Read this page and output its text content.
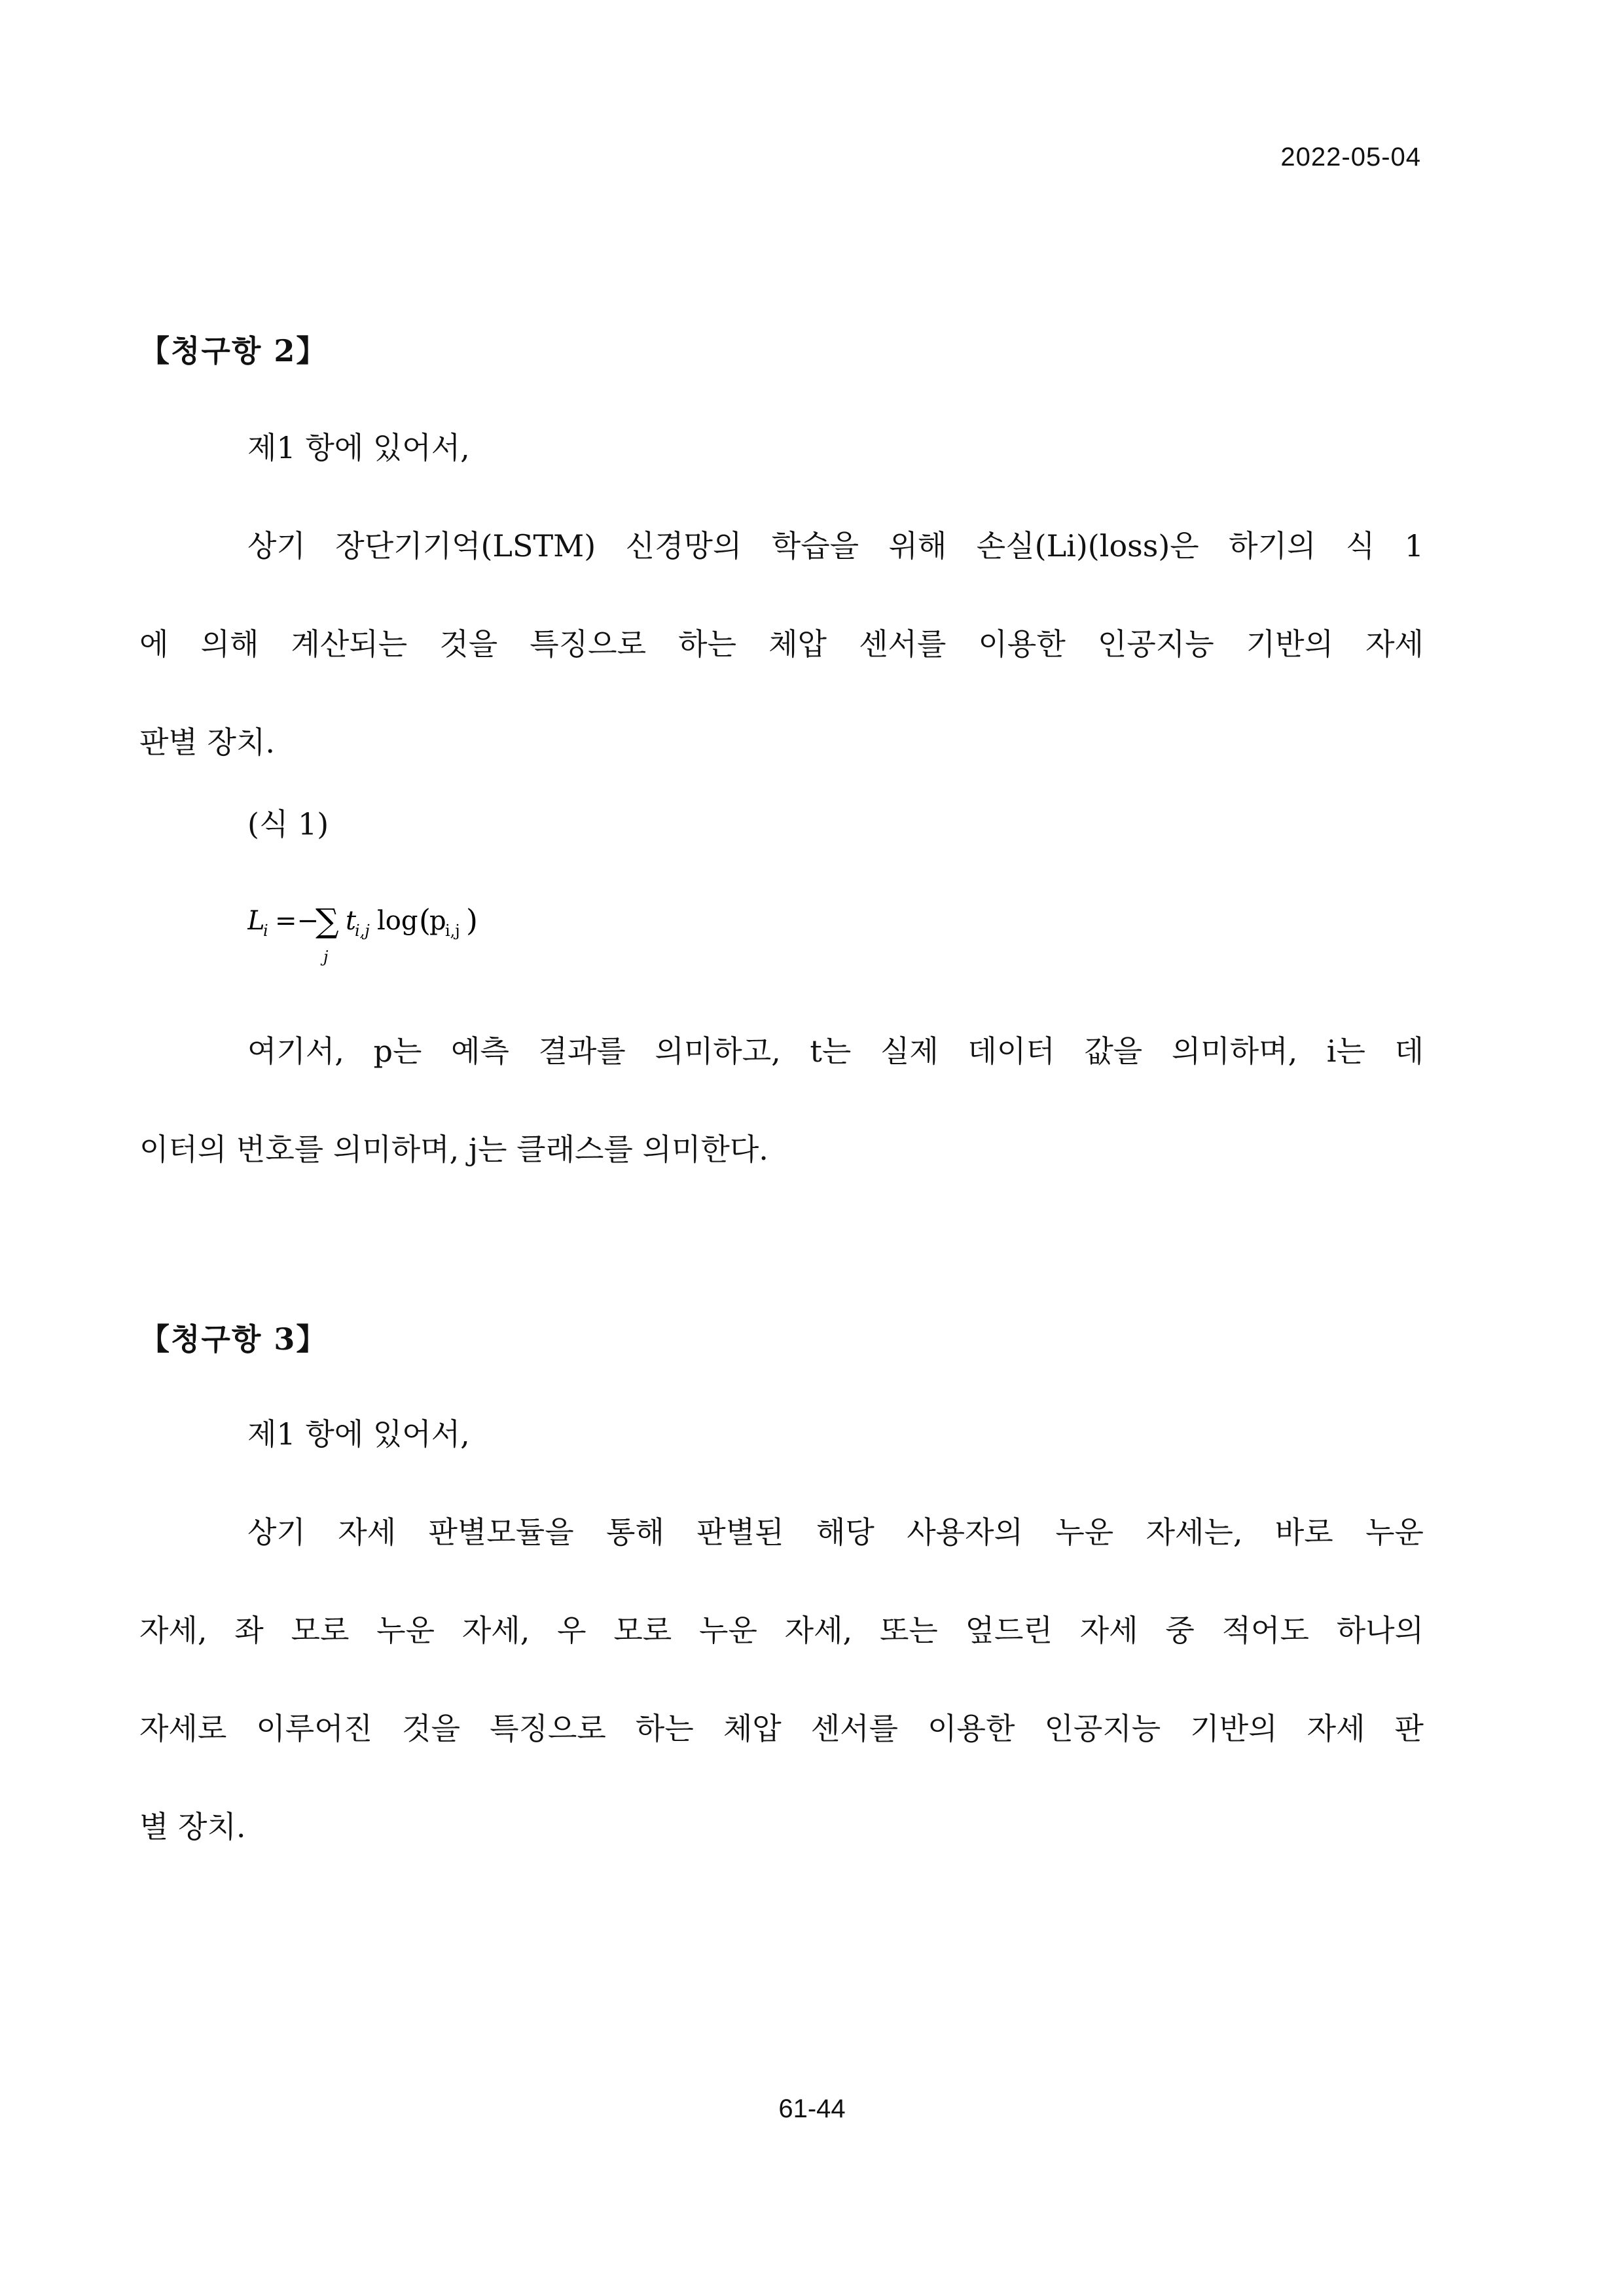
2022-05-04
【청구항 2】
제1 항에 있어서,
상기 장단기기억(LSTM) 신경망의 학습을 위해 손실(Li)(loss)은 하기의 식 1
에 의해 계산되는 것을 특징으로 하는 체압 센서를 이용한 인공지능 기반의 자세
판별 장치.
(식 1)
L
i =−
∑
j
t
i,j log (
p
i,j )
여기서, p는 예측 결과를 의미하고, t는 실제 데이터 값을 의미하며, i는 데
이터의 번호를 의미하며, j는 클래스를 의미한다.
【청구항 3】
제1 항에 있어서,
상기 자세 판별모듈을 통해 판별된 해당 사용자의 누운 자세는, 바로 누운
자세, 좌 모로 누운 자세, 우 모로 누운 자세, 또는 엎드린 자세 중 적어도 하나의
자세로 이루어진 것을 특징으로 하는 체압 센서를 이용한 인공지능 기반의 자세 판
별 장치.
61-44
